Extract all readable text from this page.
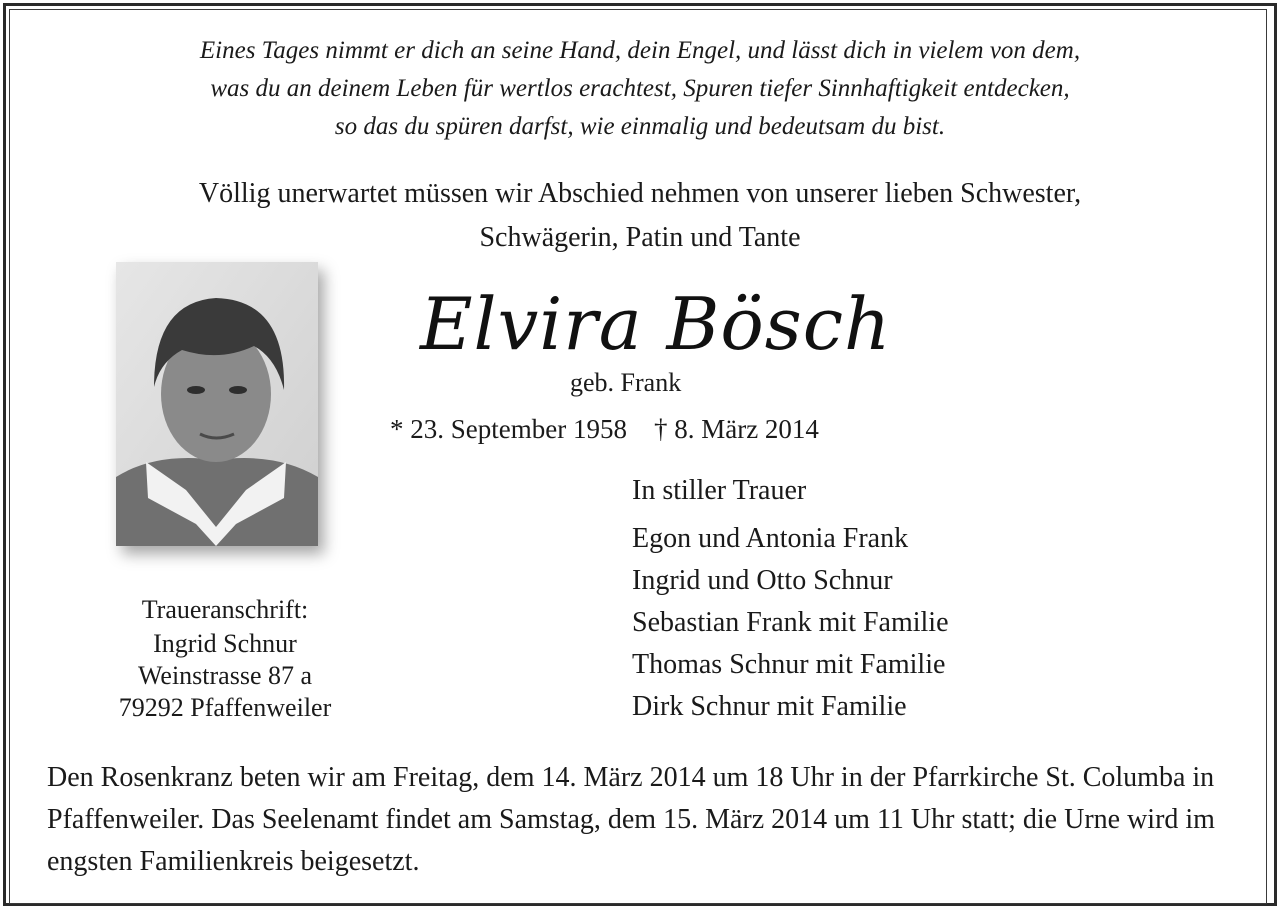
Eines Tages nimmt er dich an seine Hand, dein Engel, und lässt dich in vielem von dem,

was du an deinem Leben für wertlos erachtest, Spuren tiefer Sinnhaftigkeit entdecken,

so das du spüren darfst, wie einmalig und bedeutsam du bist.

Völlig unerwartet müssen wir Abschied nehmen von unserer lieben Schwester,

Schwägerin, Patin und Tante

Elvira Bösch

geb. Frank

* 23. September 1958    † 8. März 2014

In stiller Trauer

Egon und Antonia Frank

Ingrid und Otto Schnur

Sebastian Frank mit Familie

Thomas Schnur mit Familie

Dirk Schnur mit Familie

Traueranschrift:

Ingrid Schnur

Weinstrasse 87 a

79292 Pfaffenweiler

Den Rosenkranz beten wir am Freitag, dem 14. März 2014 um 18 Uhr in der Pfarrkirche St. Columba in Pfaffenweiler. Das Seelenamt findet am Samstag, dem 15. März 2014 um 11 Uhr statt; die Urne wird im engsten Familienkreis beigesetzt.
